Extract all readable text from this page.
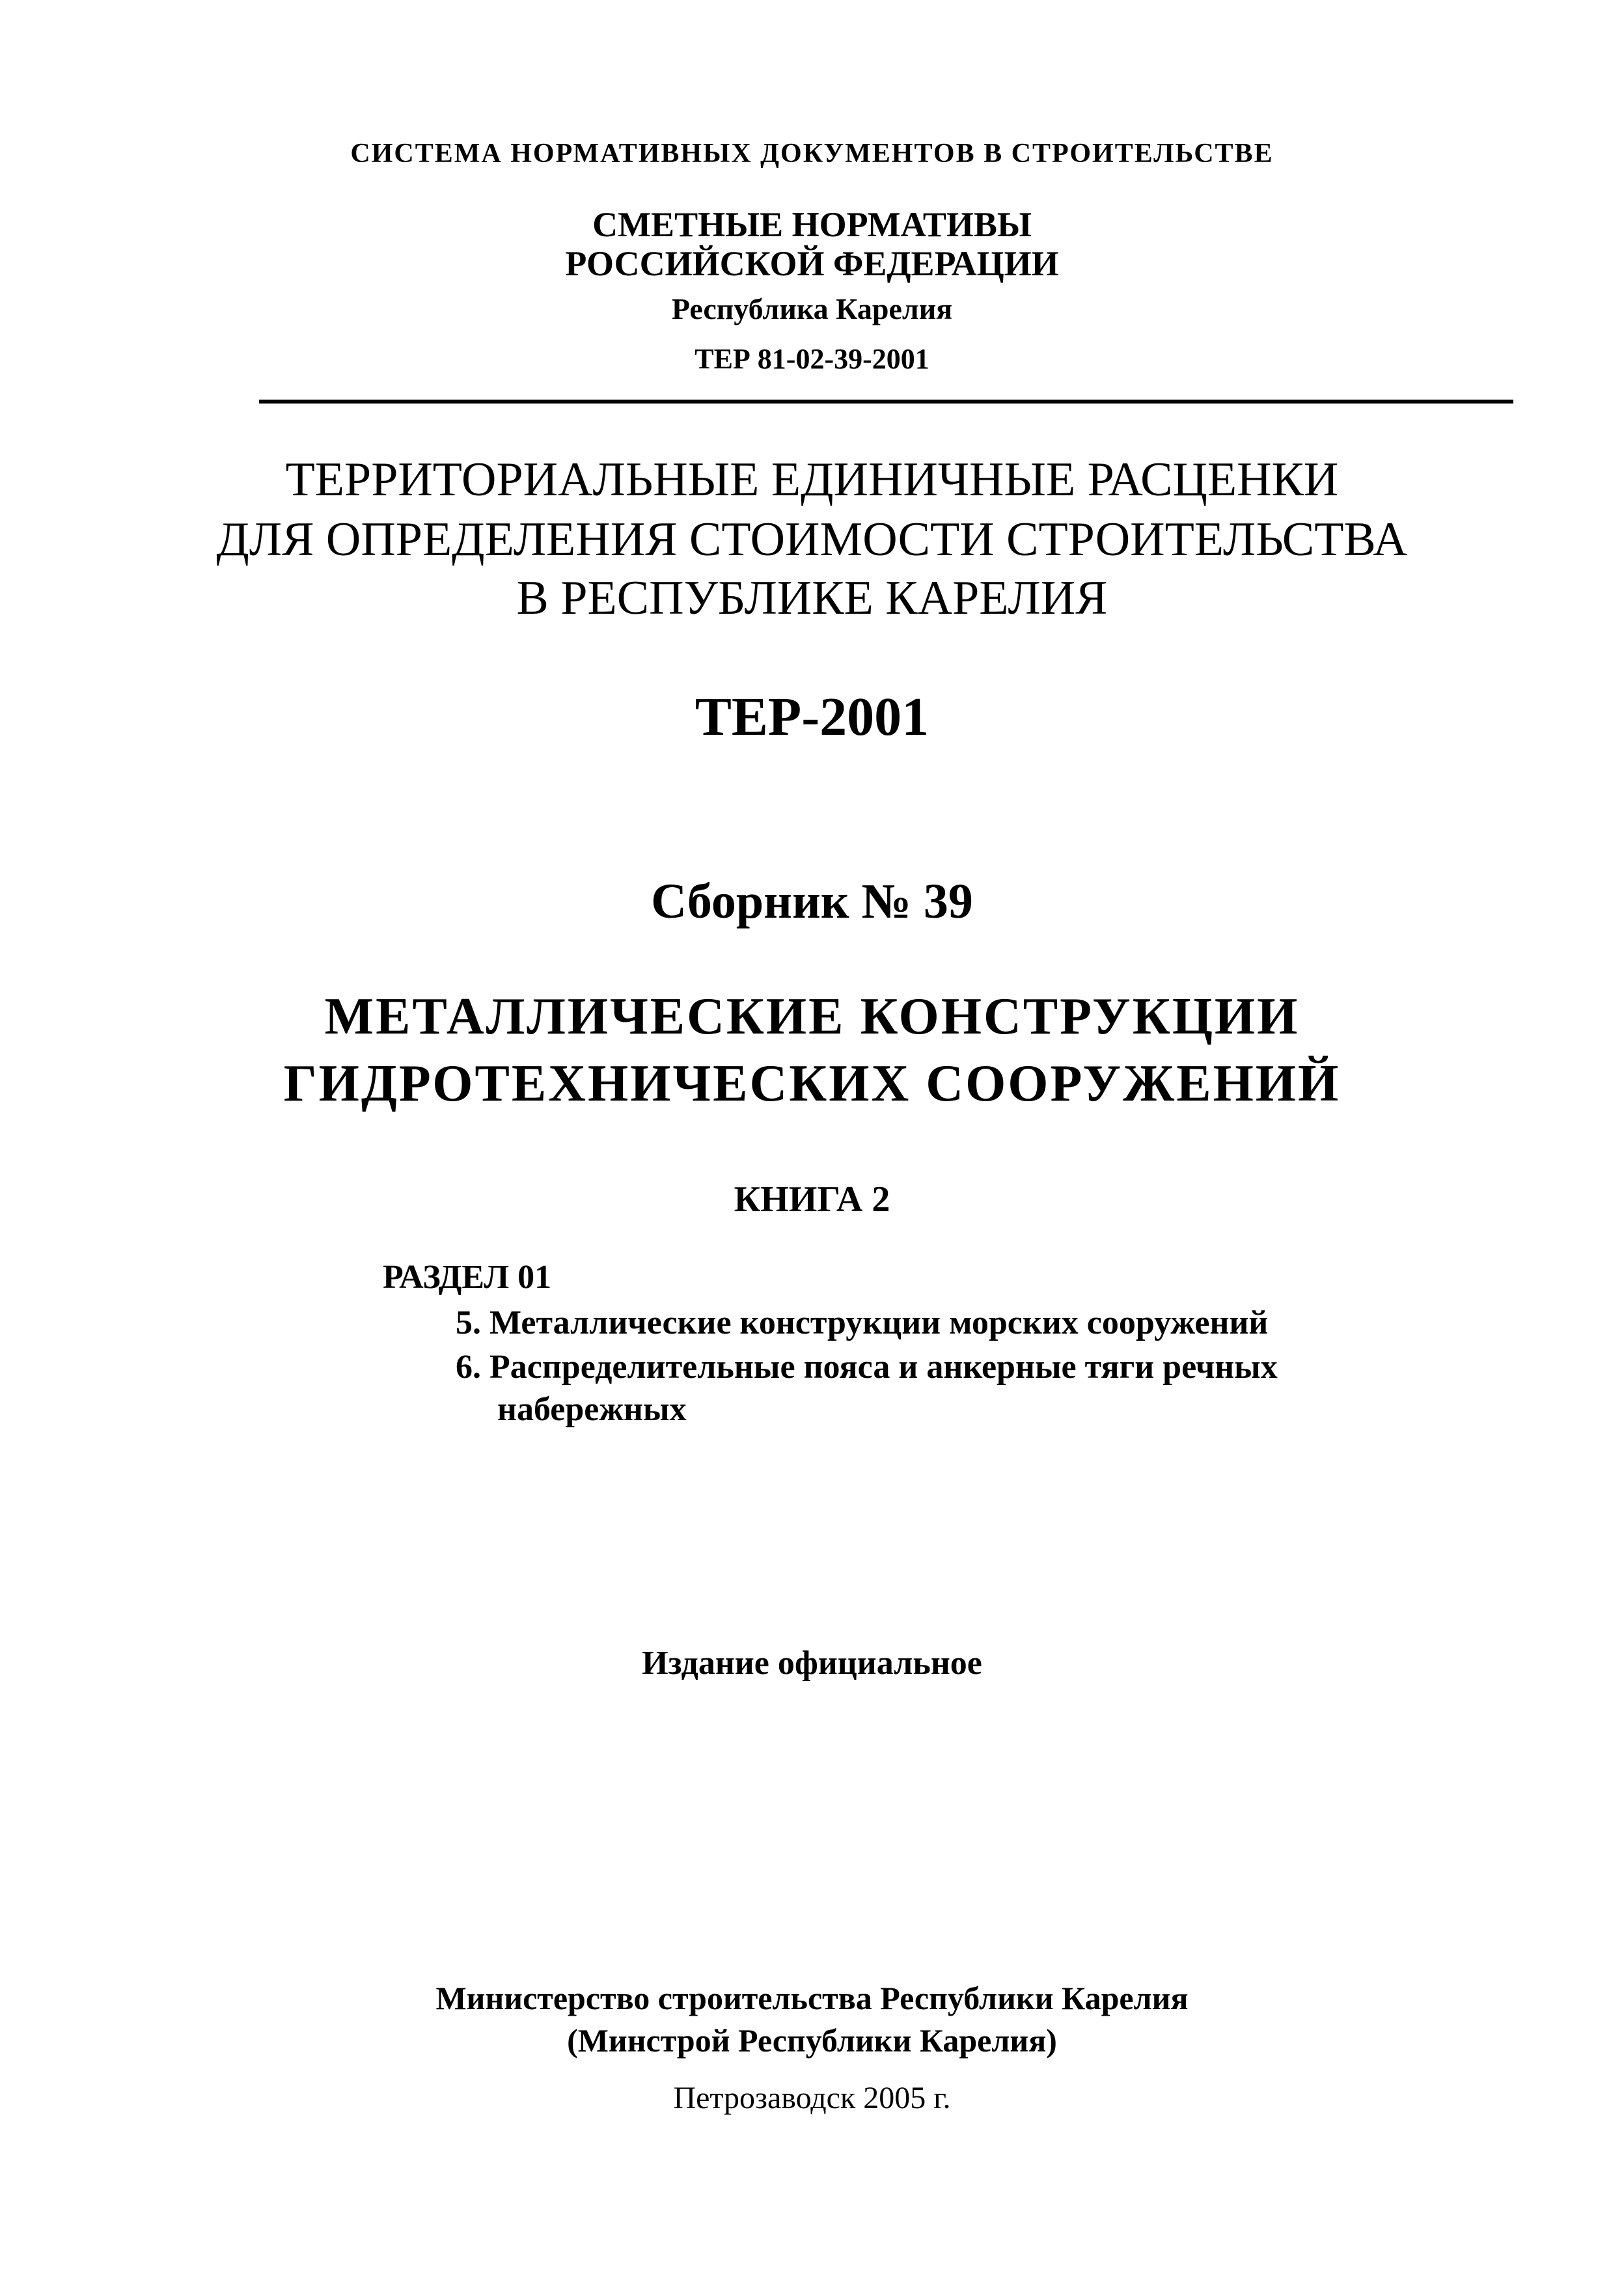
СИСТЕМА НОРМАТИВНЫХ ДОКУМЕНТОВ В СТРОИТЕЛЬСТВЕ
СМЕТНЫЕ НОРМАТИВЫ
РОССИЙСКОЙ ФЕДЕРАЦИИ
Республика Карелия
ТЕР 81-02-39-2001
ТЕРРИТОРИАЛЬНЫЕ ЕДИНИЧНЫЕ РАСЦЕНКИ
ДЛЯ ОПРЕДЕЛЕНИЯ СТОИМОСТИ СТРОИТЕЛЬСТВА
В РЕСПУБЛИКЕ КАРЕЛИЯ
ТЕР-2001
Сборник № 39
МЕТАЛЛИЧЕСКИЕ КОНСТРУКЦИИ
ГИДРОТЕХНИЧЕСКИХ СООРУЖЕНИЙ
КНИГА 2
РАЗДЕЛ 01
5. Металлические конструкции морских сооружений
6. Распределительные пояса и анкерные тяги речных
набережных
Издание официальное
Министерство строительства Республики Карелия
(Минстрой Республики Карелия)
Петрозаводск 2005 г.
